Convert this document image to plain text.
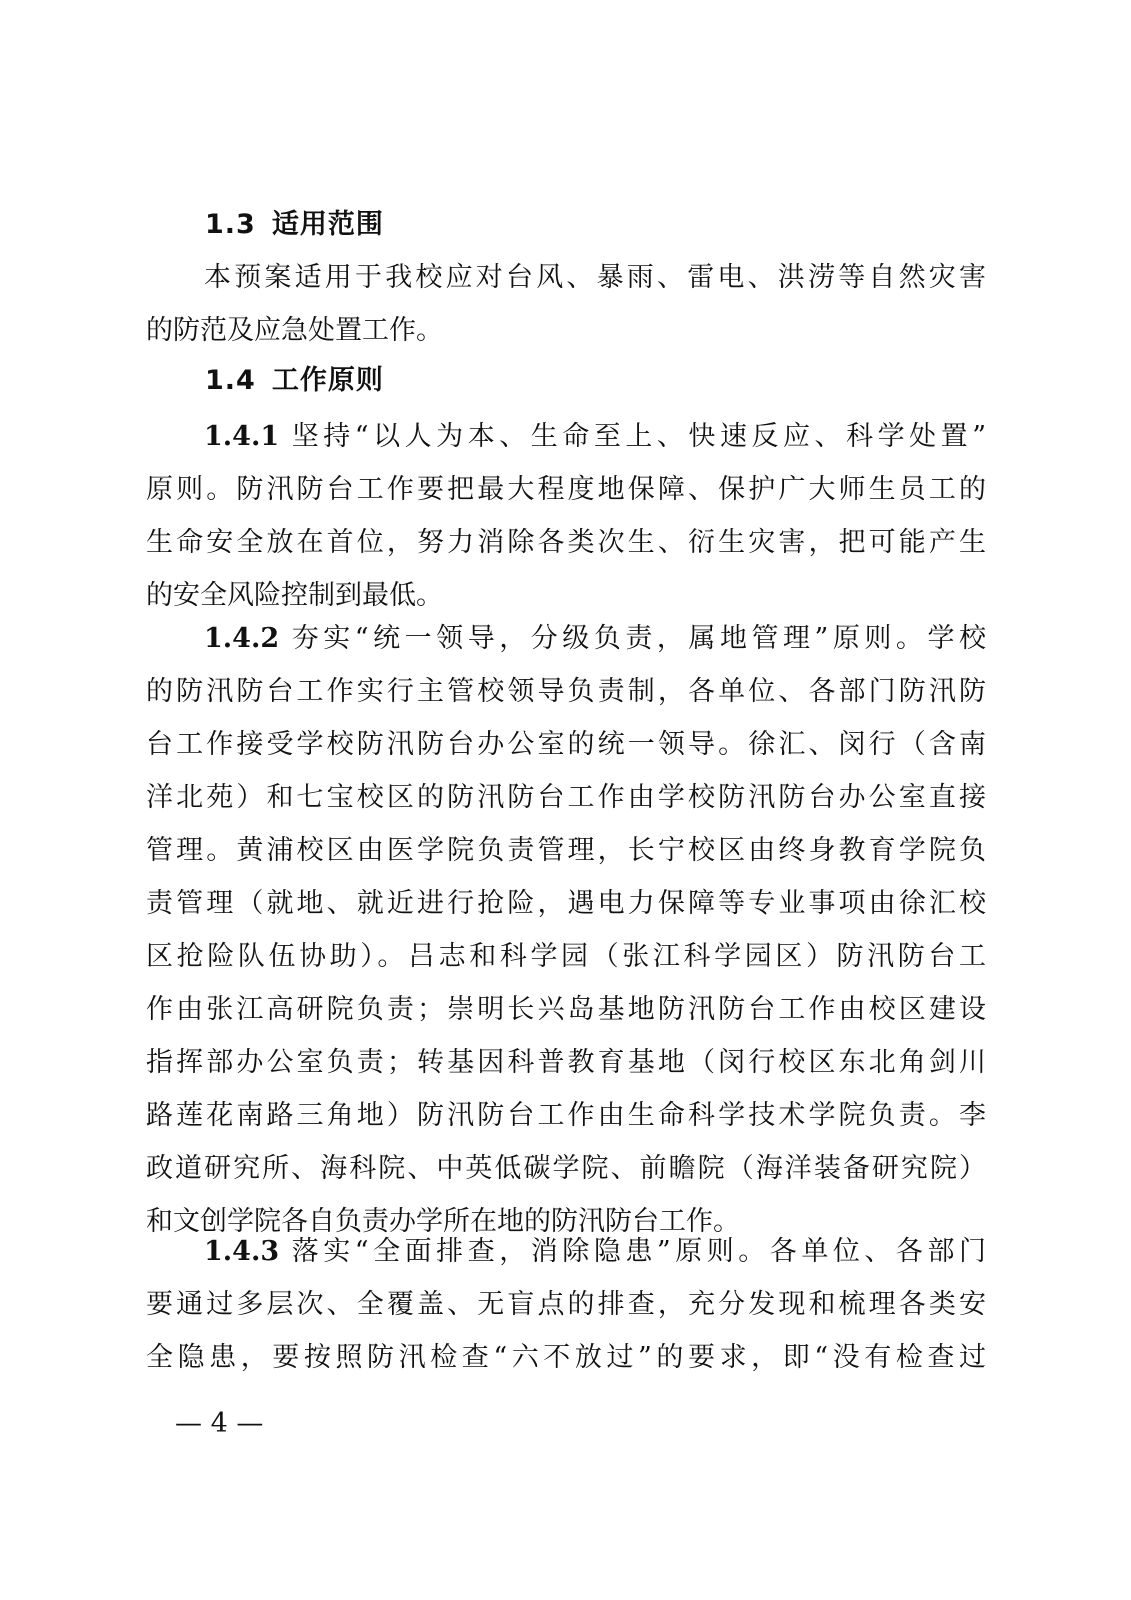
1.3 适用范围
本预案适用于我校应对台风、暴雨、雷电、洪涝等自然灾害
的防范及应急处置工作。
1.4 工作原则
1.4.1 坚持“以人为本、生命至上、快速反应、科学处置”
原则。防汛防台工作要把最大程度地保障、保护广大师生员工的
生命安全放在首位，努力消除各类次生、衍生灾害，把可能产生
的安全风险控制到最低。
1.4.2 夯实“统一领导，分级负责，属地管理”原则。学校
的防汛防台工作实行主管校领导负责制，各单位、各部门防汛防
台工作接受学校防汛防台办公室的统一领导。徐汇、闵行（含南
洋北苑）和七宝校区的防汛防台工作由学校防汛防台办公室直接
管理。黄浦校区由医学院负责管理，长宁校区由终身教育学院负
责管理（就地、就近进行抢险，遇电力保障等专业事项由徐汇校
区抢险队伍协助）。吕志和科学园（张江科学园区）防汛防台工
作由张江高研院负责；崇明长兴岛基地防汛防台工作由校区建设
指挥部办公室负责；转基因科普教育基地（闵行校区东北角剑川
路莲花南路三角地）防汛防台工作由生命科学技术学院负责。李
政道研究所、海科院、中英低碳学院、前瞻院（海洋装备研究院）
和文创学院各自负责办学所在地的防汛防台工作。
1.4.3 落实“全面排查，消除隐患”原则。各单位、各部门
要通过多层次、全覆盖、无盲点的排查，充分发现和梳理各类安
全隐患，要按照防汛检查“六不放过”的要求，即“没有检查过
— 4 —
